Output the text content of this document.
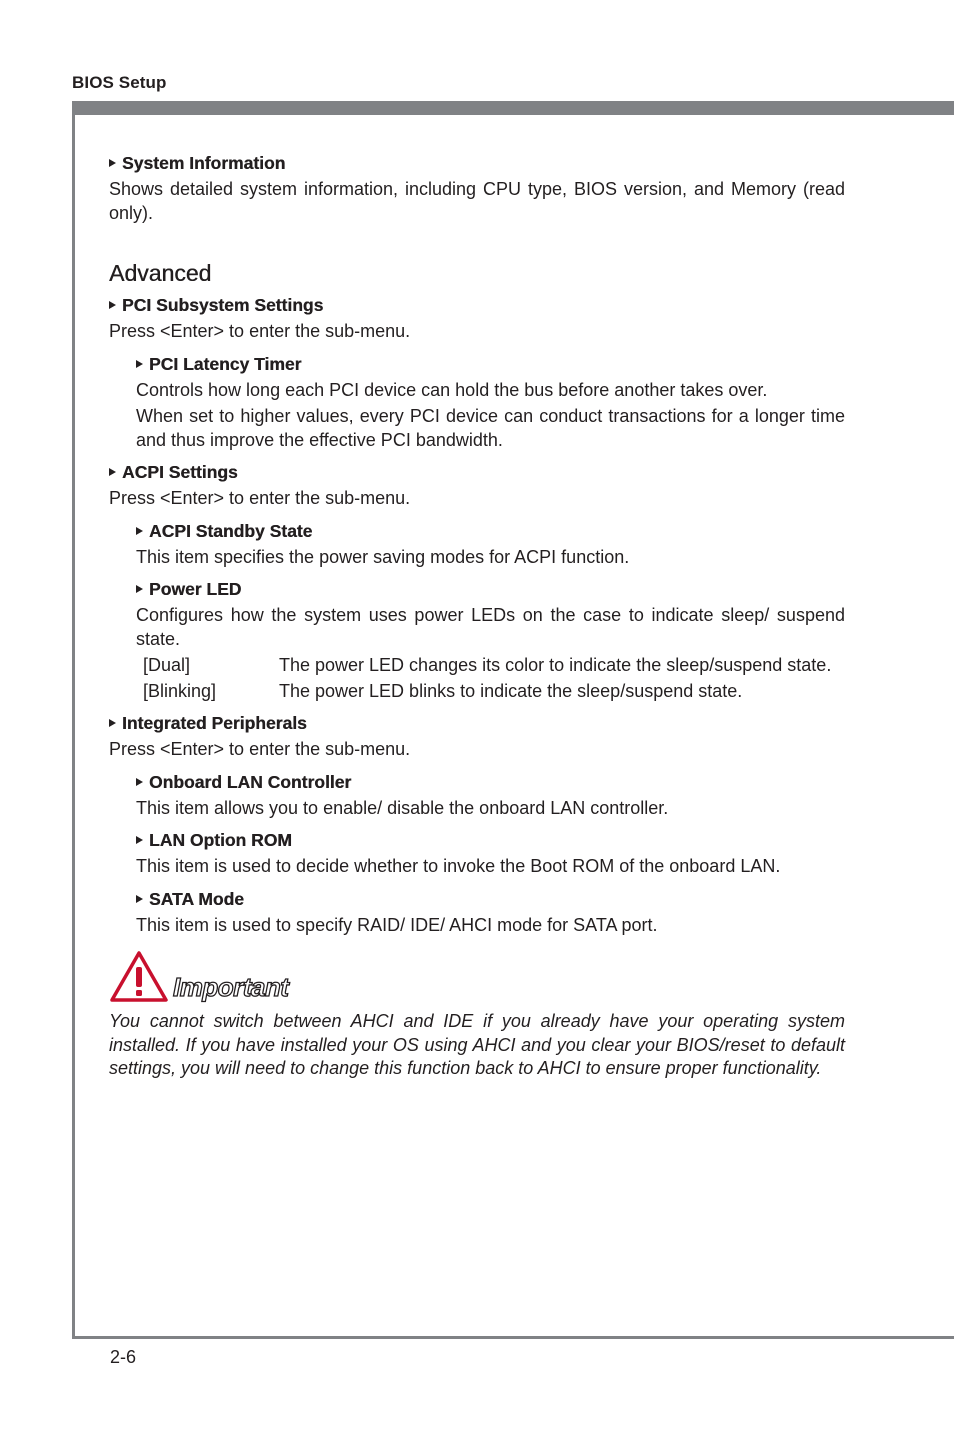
BIOS Setup

System Information

Shows detailed system information, including CPU type, BIOS version, and Memory (read only).

Advanced

PCI Subsystem Settings

Press <Enter> to enter the sub-menu.

PCI Latency Timer

Controls how long each PCI device can hold the bus before another takes over.

When set to higher values, every PCI device can conduct transactions for a longer time and thus improve the effective PCI bandwidth.

ACPI Settings

Press <Enter> to enter the sub-menu.

ACPI Standby State

This item specifies the power saving modes for ACPI function.

Power LED

Configures how the system uses power LEDs on the case to indicate sleep/ suspend state.

[Dual]	The power LED changes its color to indicate the sleep/suspend state.
[Blinking]	The power LED blinks to indicate the sleep/suspend state.

Integrated Peripherals

Press <Enter> to enter the sub-menu.

Onboard LAN Controller

This item allows you to enable/ disable the onboard LAN controller.

LAN Option ROM

This item is used to decide whether to invoke the Boot ROM of the onboard LAN.

SATA Mode

This item is used to specify RAID/ IDE/ AHCI mode for SATA port.

Important

You cannot switch between AHCI and IDE if you already have your operating system installed. If you have installed your OS using AHCI and you clear your BIOS/reset to default settings, you will need to change this function back to AHCI to ensure proper functionality.

2-6
